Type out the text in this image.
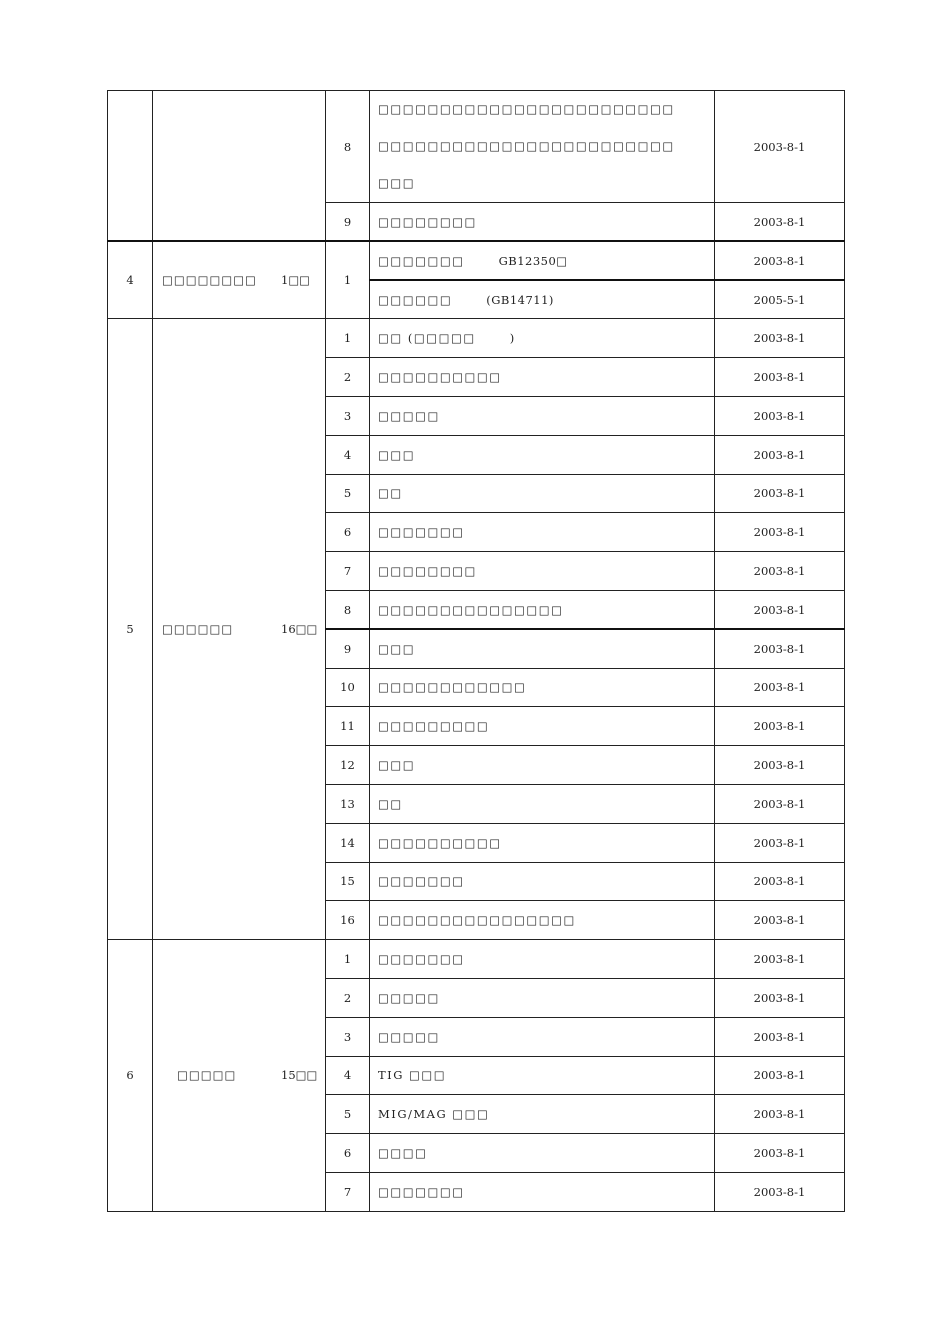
		8	□□□□□□□□□□□□□□□□□□□□□□□□
□□□□□□□□□□□□□□□□□□□□□□□□
□□□	2003-8-1
		9	□□□□□□□□	2003-8-1
4	□□□□□□□□ 1□□	1	□□□□□□□ GB12350□	2003-8-1
			□□□□□□ (GB14711)	2005-5-1
5	□□□□□□ 16□□	1	□□ (□□□□□ )	2003-8-1
		2	□□□□□□□□□□	2003-8-1
		3	□□□□□	2003-8-1
		4	□□□	2003-8-1
		5	□□	2003-8-1
		6	□□□□□□□	2003-8-1
		7	□□□□□□□□	2003-8-1
		8	□□□□□□□□□□□□□□□	2003-8-1
		9	□□□	2003-8-1
		10	□□□□□□□□□□□□	2003-8-1
		11	□□□□□□□□□	2003-8-1
		12	□□□	2003-8-1
		13	□□	2003-8-1
		14	□□□□□□□□□□	2003-8-1
		15	□□□□□□□	2003-8-1
		16	□□□□□□□□□□□□□□□□	2003-8-1
6	□□□□□ 15□□	1	□□□□□□□	2003-8-1
		2	□□□□□	2003-8-1
		3	□□□□□	2003-8-1
		4	TIG □□□	2003-8-1
		5	MIG/MAG □□□	2003-8-1
		6	□□□□	2003-8-1
		7	□□□□□□□	2003-8-1
